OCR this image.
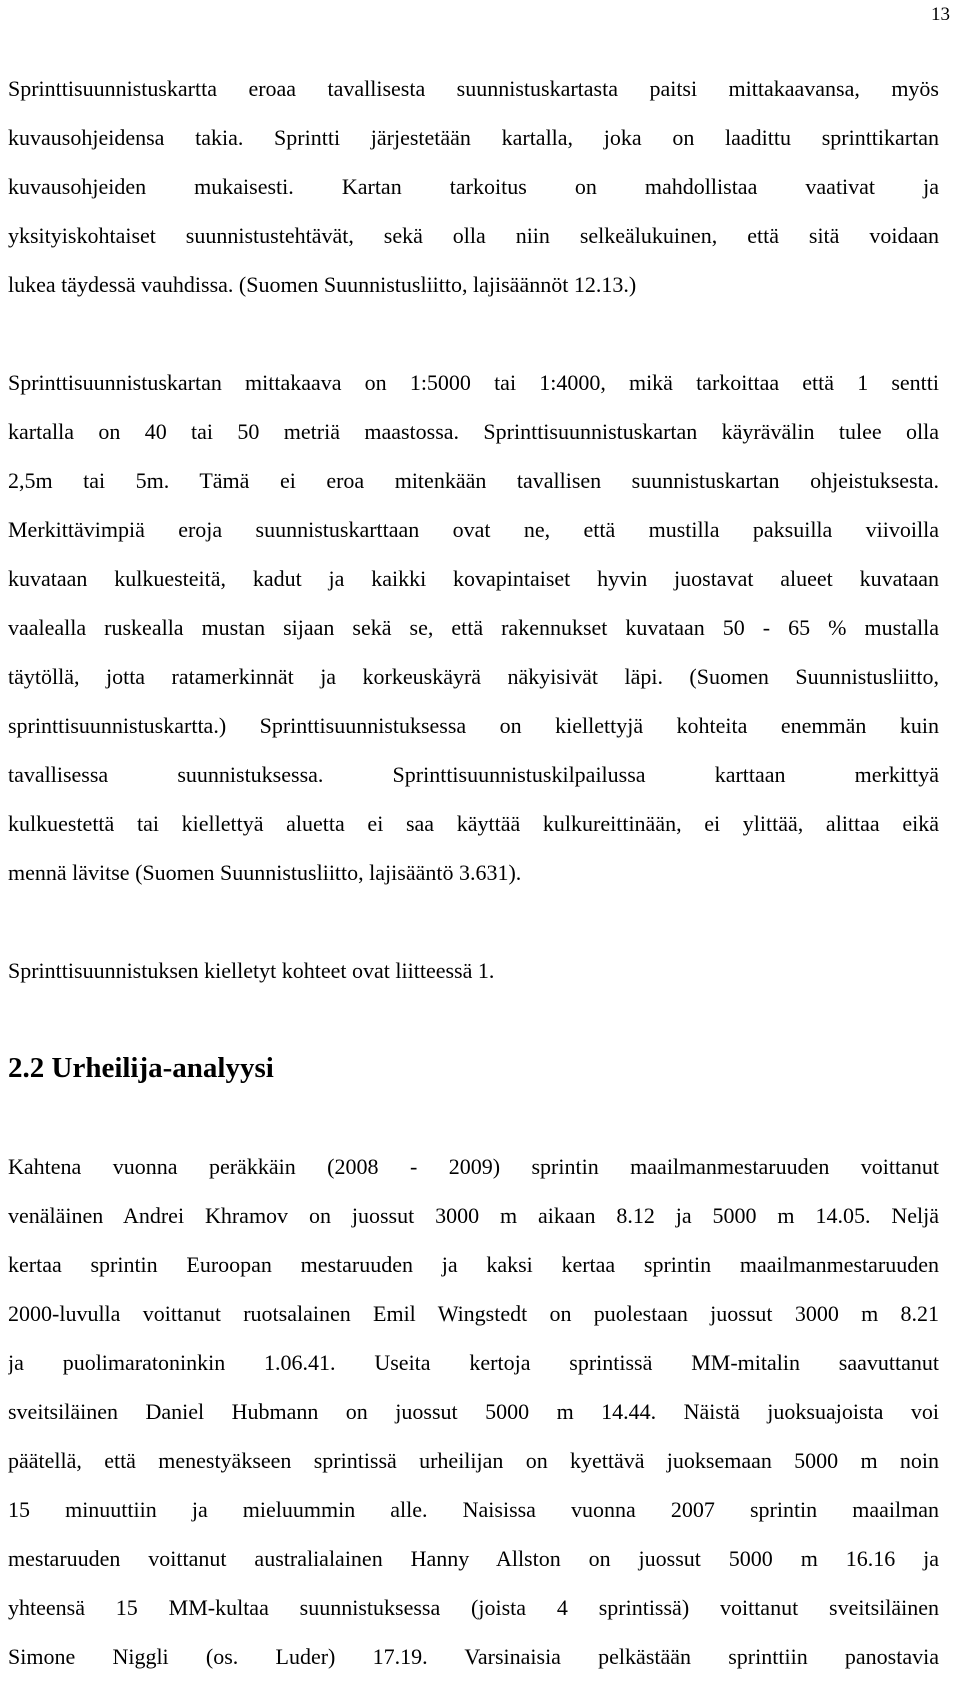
13
Sprinttisuunnistuskartta eroaa tavallisesta suunnistuskartasta paitsi mittakaavansa, myös
kuvausohjeidensa takia. Sprintti järjestetään kartalla, joka on laadittu sprinttikartan
kuvausohjeiden mukaisesti. Kartan tarkoitus on mahdollistaa vaativat ja
yksityiskohtaiset suunnistustehtävät, sekä olla niin selkeälukuinen, että sitä voidaan
lukea täydessä vauhdissa. (Suomen Suunnistusliitto, lajisäännöt 12.13.)
Sprinttisuunnistuskartan mittakaava on 1:5000 tai 1:4000, mikä tarkoittaa että 1 sentti
kartalla on 40 tai 50 metriä maastossa. Sprinttisuunnistuskartan käyrävälin tulee olla
2,5m tai 5m. Tämä ei eroa mitenkään tavallisen suunnistuskartan ohjeistuksesta.
Merkittävimpiä eroja suunnistuskarttaan ovat ne, että mustilla paksuilla viivoilla
kuvataan kulkuesteitä, kadut ja kaikki kovapintaiset hyvin juostavat alueet kuvataan
vaalealla ruskealla mustan sijaan sekä se, että rakennukset kuvataan 50 - 65 % mustalla
täytöllä, jotta ratamerkinnät ja korkeuskäyrä näkyisivät läpi. (Suomen Suunnistusliitto,
sprinttisuunnistuskartta.) Sprinttisuunnistuksessa on kiellettyjä kohteita enemmän kuin
tavallisessa suunnistuksessa. Sprinttisuunnistuskilpailussa karttaan merkittyä
kulkuestettä tai kiellettyä aluetta ei saa käyttää kulkureittinään, ei ylittää, alittaa eikä
mennä lävitse (Suomen Suunnistusliitto, lajisääntö 3.631).
Sprinttisuunnistuksen kielletyt kohteet ovat liitteessä 1.
2.2 Urheilija-analyysi
Kahtena vuonna peräkkäin (2008 - 2009) sprintin maailmanmestaruuden voittanut
venäläinen Andrei Khramov on juossut 3000 m aikaan 8.12 ja 5000 m 14.05. Neljä
kertaa sprintin Euroopan mestaruuden ja kaksi kertaa sprintin maailmanmestaruuden
2000-luvulla voittanut ruotsalainen Emil Wingstedt on puolestaan juossut 3000 m 8.21
ja puolimaratoninkin 1.06.41. Useita kertoja sprintissä MM-mitalin saavuttanut
sveitsiläinen Daniel Hubmann on juossut 5000 m 14.44. Näistä juoksuajoista voi
päätellä, että menestyäkseen sprintissä urheilijan on kyettävä juoksemaan 5000 m noin
15 minuuttiin ja mieluummin alle. Naisissa vuonna 2007 sprintin maailman
mestaruuden voittanut australialainen Hanny Allston on juossut 5000 m 16.16 ja
yhteensä 15 MM-kultaa suunnistuksessa (joista 4 sprintissä) voittanut sveitsiläinen
Simone Niggli (os. Luder) 17.19. Varsinaisia pelkästään sprinttiin panostavia
